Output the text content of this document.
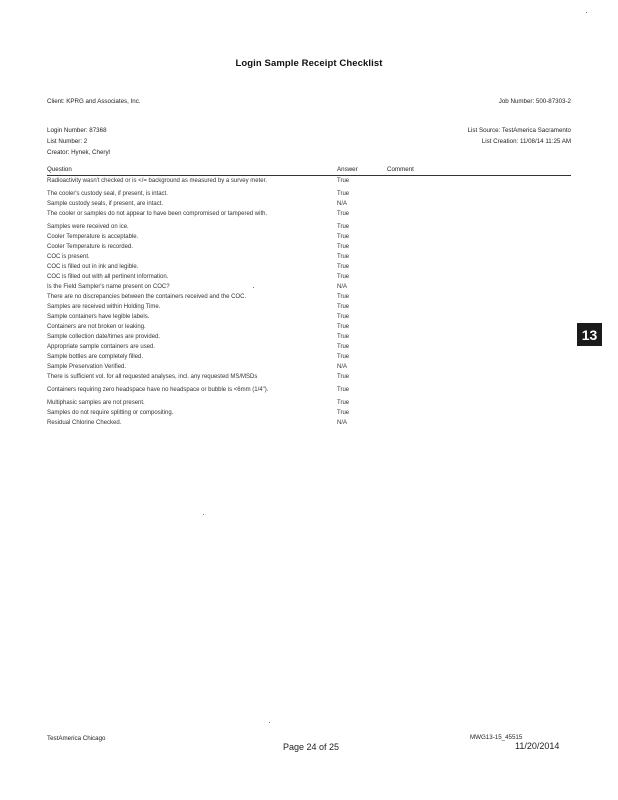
Login Sample Receipt Checklist
Client: KPRG and Associates, Inc.	Job Number: 500-87303-2
Login Number: 87368	List Source: TestAmerica Sacramento
List Number: 2	List Creation: 11/08/14 11:25 AM
Creator: Hynek, Cheryl
Question	Answer	Comment
Radioactivity wasn't checked or is </= background as measured by a survey meter.	True
The cooler's custody seal, if present, is intact.	True
Sample custody seals, if present, are intact.	N/A
The cooler or samples do not appear to have been compromised or tampered with.	True
Samples were received on ice.	True
Cooler Temperature is acceptable.	True
Cooler Temperature is recorded.	True
COC is present.	True
COC is filled out in ink and legible.	True
COC is filled out with all pertinent information.	True
Is the Field Sampler's name present on COC?	N/A
There are no discrepancies between the containers received and the COC.	True
Samples are received within Holding Time.	True
Sample containers have legible labels.	True
Containers are not broken or leaking.	True
Sample collection date/times are provided.	True
Appropriate sample containers are used.	True
Sample bottles are completely filled.	True
Sample Preservation Verified.	N/A
There is sufficient vol. for all requested analyses, incl. any requested MS/MSDs	True
Containers requiring zero headspace have no headspace or bubble is <6mm (1/4").	True
Multiphasic samples are not present.	True
Samples do not require splitting or compositing.	True
Residual Chlorine Checked.	N/A
13
TestAmerica Chicago
Page 24 of 25
MWG13-15_45515
11/20/2014
